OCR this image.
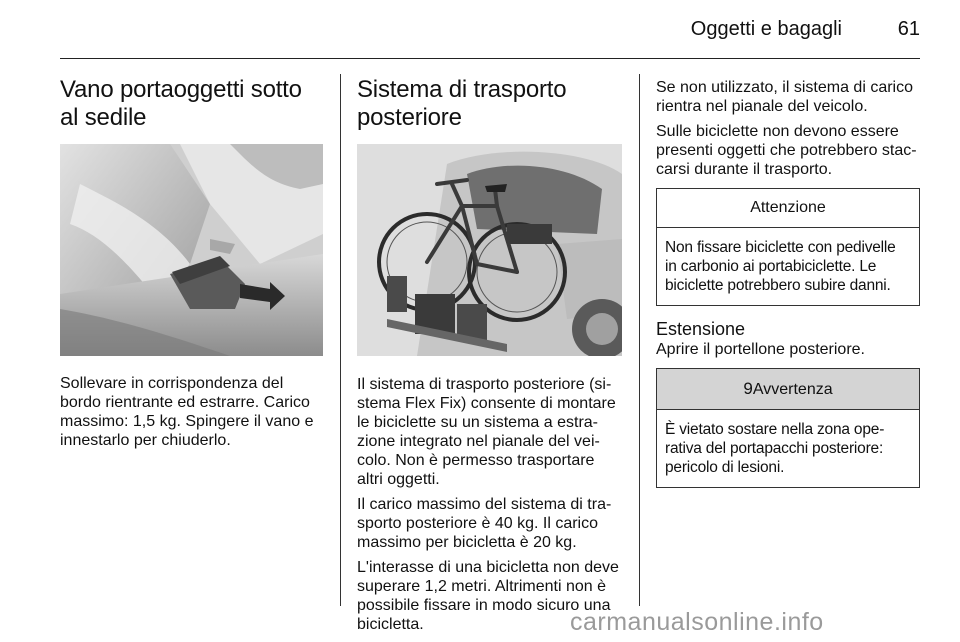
Oggetti e bagagli	61
Vano portaoggetti sotto al sedile

Sollevare in corrispondenza del bordo rientrante ed estrarre. Carico massimo: 1,5 kg. Spingere il vano e innestarlo per chiuderlo.

Sistema di trasporto posteriore

Il sistema di trasporto posteriore (si-stema Flex Fix) consente di montare le biciclette su un sistema a estra-zione integrato nel pianale del vei-colo. Non è permesso trasportare altri oggetti.

Il carico massimo del sistema di tra-sporto posteriore è 40 kg. Il carico massimo per bicicletta è 20 kg.

L'interasse di una bicicletta non deve superare 1,2 metri. Altrimenti non è possibile fissare in modo sicuro una bicicletta.

Se non utilizzato, il sistema di carico rientra nel pianale del veicolo.

Sulle biciclette non devono essere presenti oggetti che potrebbero stac-carsi durante il trasporto.

Attenzione
Non fissare biciclette con pedivelle in carbonio ai portabiciclette. Le biciclette potrebbero subire danni.
Estensione

Aprire il portellone posteriore.

9Avvertenza
È vietato sostare nella zona ope-rativa del portapacchi posteriore: pericolo di lesioni.
carmanualsonline.info
